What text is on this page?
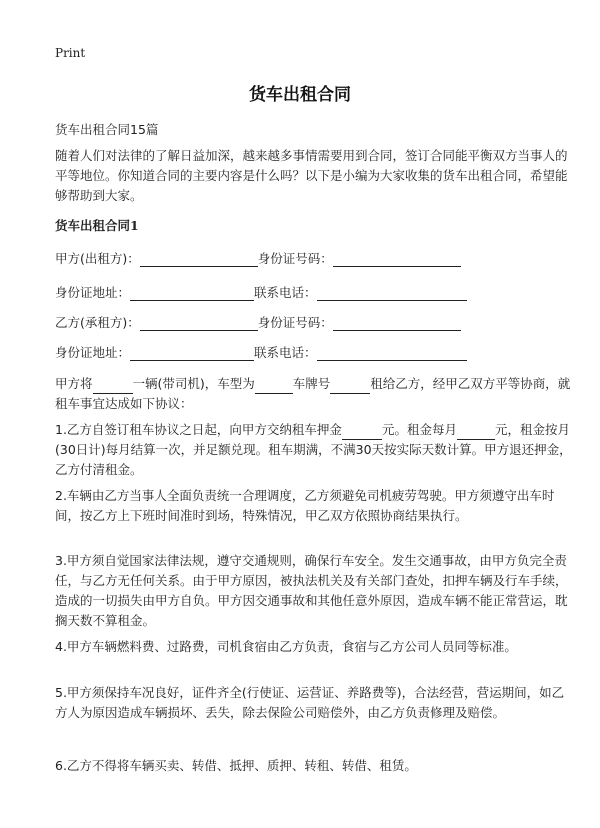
Print
货车出租合同
货车出租合同15篇
随着人们对法律的了解日益加深，越来越多事情需要用到合同，签订合同能平衡双方当事人的平等地位。你知道合同的主要内容是什么吗？以下是小编为大家收集的货车出租合同，希望能够帮助到大家。
货车出租合同1
甲方(出租方)：	身份证号码：
身份证地址：	联系电话：
乙方(承租方)：	身份证号码：
身份证地址：	联系电话：
甲方将	一辆(带司机)，车型为	车牌号	租给乙方，经甲乙双方平等协商，就租车事宜达成如下协议：
1.乙方自签订租车协议之日起，向甲方交纳租车押金	元。租金每月	元，租金按月(30日计)每月结算一次，并足额兑现。租车期满，不满30天按实际天数计算。甲方退还押金，乙方付清租金。
2.车辆由乙方当事人全面负责统一合理调度，乙方须避免司机疲劳驾驶。甲方须遵守出车时间，按乙方上下班时间准时到场，特殊情况，甲乙双方依照协商结果执行。
3.甲方须自觉国家法律法规，遵守交通规则，确保行车安全。发生交通事故，由甲方负完全责任，与乙方无任何关系。由于甲方原因，被执法机关及有关部门查处，扣押车辆及行车手续，造成的一切损失由甲方自负。甲方因交通事故和其他任意外原因，造成车辆不能正常营运，耽搁天数不算租金。
4.甲方车辆燃料费、过路费，司机食宿由乙方负责，食宿与乙方公司人员同等标准。
5.甲方须保持车况良好，证件齐全(行使证、运营证、养路费等)，合法经营，营运期间，如乙方人为原因造成车辆损坏、丢失，除去保险公司赔偿外，由乙方负责修理及赔偿。
6.乙方不得将车辆买卖、转借、抵押、质押、转租、转借、租赁。
